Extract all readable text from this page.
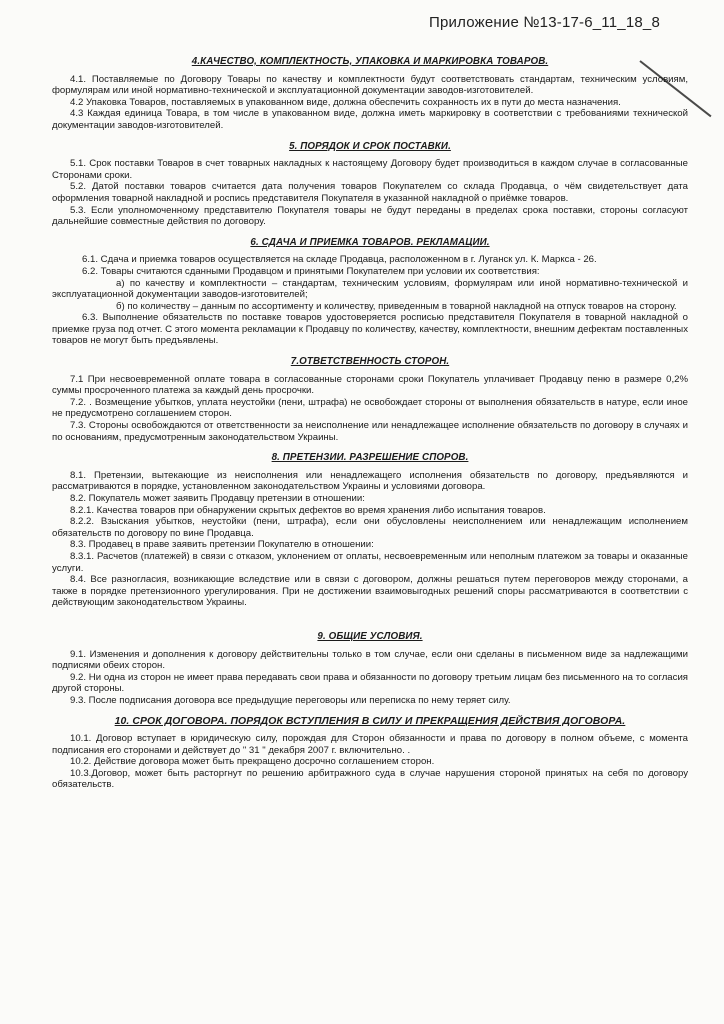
Приложение №13-17-6_11_18_8
4.КАЧЕСТВО, КОМПЛЕКТНОСТЬ, УПАКОВКА И МАРКИРОВКА ТОВАРОВ.

4.1. Поставляемые по Договору Товары по качеству и комплектности будут соответствовать стандартам, техническим условиям, формулярам или иной нормативно-технической и эксплуатационной документации заводов-изготовителей.

4.2 Упаковка Товаров, поставляемых в упакованном виде, должна обеспечить сохранность их в пути до места назначения.

4.3 Каждая единица Товара, в том числе в упакованном виде, должна иметь маркировку в соответствии с требованиями технической документации заводов-изготовителей.

5. ПОРЯДОК И СРОК ПОСТАВКИ.

5.1. Срок поставки Товаров в счет товарных накладных к настоящему Договору будет производиться в каждом случае в согласованные Сторонами сроки.

5.2. Датой поставки товаров считается дата получения товаров Покупателем со склада Продавца, о чём свидетельствует дата оформления товарной накладной и роспись представителя Покупателя в указанной накладной о приёмке товаров.

5.3. Если уполномоченному представителю Покупателя товары не будут переданы в пределах срока поставки, стороны согласуют дальнейшие совместные действия по договору.

6. СДАЧА И ПРИЕМКА ТОВАРОВ. РЕКЛАМАЦИИ.

6.1. Сдача и приемка товаров осуществляется на складе Продавца, расположенном в г. Луганск ул. К. Маркса - 26.

6.2. Товары считаются сданными Продавцом и принятыми Покупателем при условии их соответствия:

а) по качеству и комплектности – стандартам, техническим условиям, формулярам или иной нормативно-технической и эксплуатационной документации заводов-изготовителей;

б) по количеству – данным по ассортименту и количеству, приведенным в товарной накладной на отпуск товаров на сторону.

6.3. Выполнение обязательств по поставке товаров удостоверяется росписью представителя Покупателя в товарной накладной о приемке груза под отчет. С этого момента рекламации к Продавцу по количеству, качеству, комплектности, внешним дефектам поставленных товаров не могут быть предъявлены.

7.ОТВЕТСТВЕННОСТЬ СТОРОН.

7.1 При несвоевременной оплате товара в согласованные сторонами сроки Покупатель уплачивает Продавцу пеню в размере 0,2% суммы просроченного платежа за каждый день просрочки.

7.2. . Возмещение убытков, уплата неустойки (пени, штрафа) не освобождает стороны от выполнения обязательств в натуре, если иное не предусмотрено соглашением сторон.

7.3. Стороны освобождаются от ответственности за неисполнение или ненадлежащее исполнение обязательств по договору в случаях и по основаниям, предусмотренным законодательством Украины.

8. ПРЕТЕНЗИИ. РАЗРЕШЕНИЕ СПОРОВ.

8.1. Претензии, вытекающие из неисполнения или ненадлежащего исполнения обязательств по договору, предъявляются и рассматриваются в порядке, установленном законодательством Украины и условиями договора.

8.2. Покупатель может заявить Продавцу претензии в отношении:

8.2.1. Качества товаров при обнаружении скрытых дефектов во время хранения либо испытания товаров.

8.2.2. Взыскания убытков, неустойки (пени, штрафа), если они обусловлены неисполнением или ненадлежащим исполнением обязательств по договору по вине Продавца.

8.3. Продавец в праве заявить претензии Покупателю в отношении:

8.3.1. Расчетов (платежей) в связи с отказом, уклонением от оплаты, несвоевременным или неполным платежом за товары и оказанные услуги.

8.4. Все разногласия, возникающие вследствие или в связи с договором, должны решаться путем переговоров между сторонами, а также в порядке претензионного урегулирования. При не достижении взаимовыгодных решений споры рассматриваются в соответствии с действующим законодательством Украины.

9. ОБЩИЕ УСЛОВИЯ.

9.1. Изменения и дополнения к договору действительны только в том случае, если они сделаны в письменном виде за надлежащими подписями обеих сторон.

9.2. Ни одна из сторон не имеет права передавать свои права и обязанности по договору третьим лицам без письменного на то согласия другой стороны.

9.3. После подписания договора все предыдущие переговоры или переписка по нему теряет силу.

10. СРОК ДОГОВОРА. ПОРЯДОК ВСТУПЛЕНИЯ В СИЛУ И ПРЕКРАЩЕНИЯ ДЕЙСТВИЯ ДОГОВОРА.

10.1. Договор вступает в юридическую силу, порождая для Сторон обязанности и права по договору в полном объеме, с момента подписания его сторонами и действует до " 31 " декабря 2007 г. включительно. .

10.2. Действие договора может быть прекращено досрочно соглашением сторон.

10.3.Договор, может быть расторгнут по решению арбитражного суда в случае нарушения стороной принятых на себя по договору обязательств.
